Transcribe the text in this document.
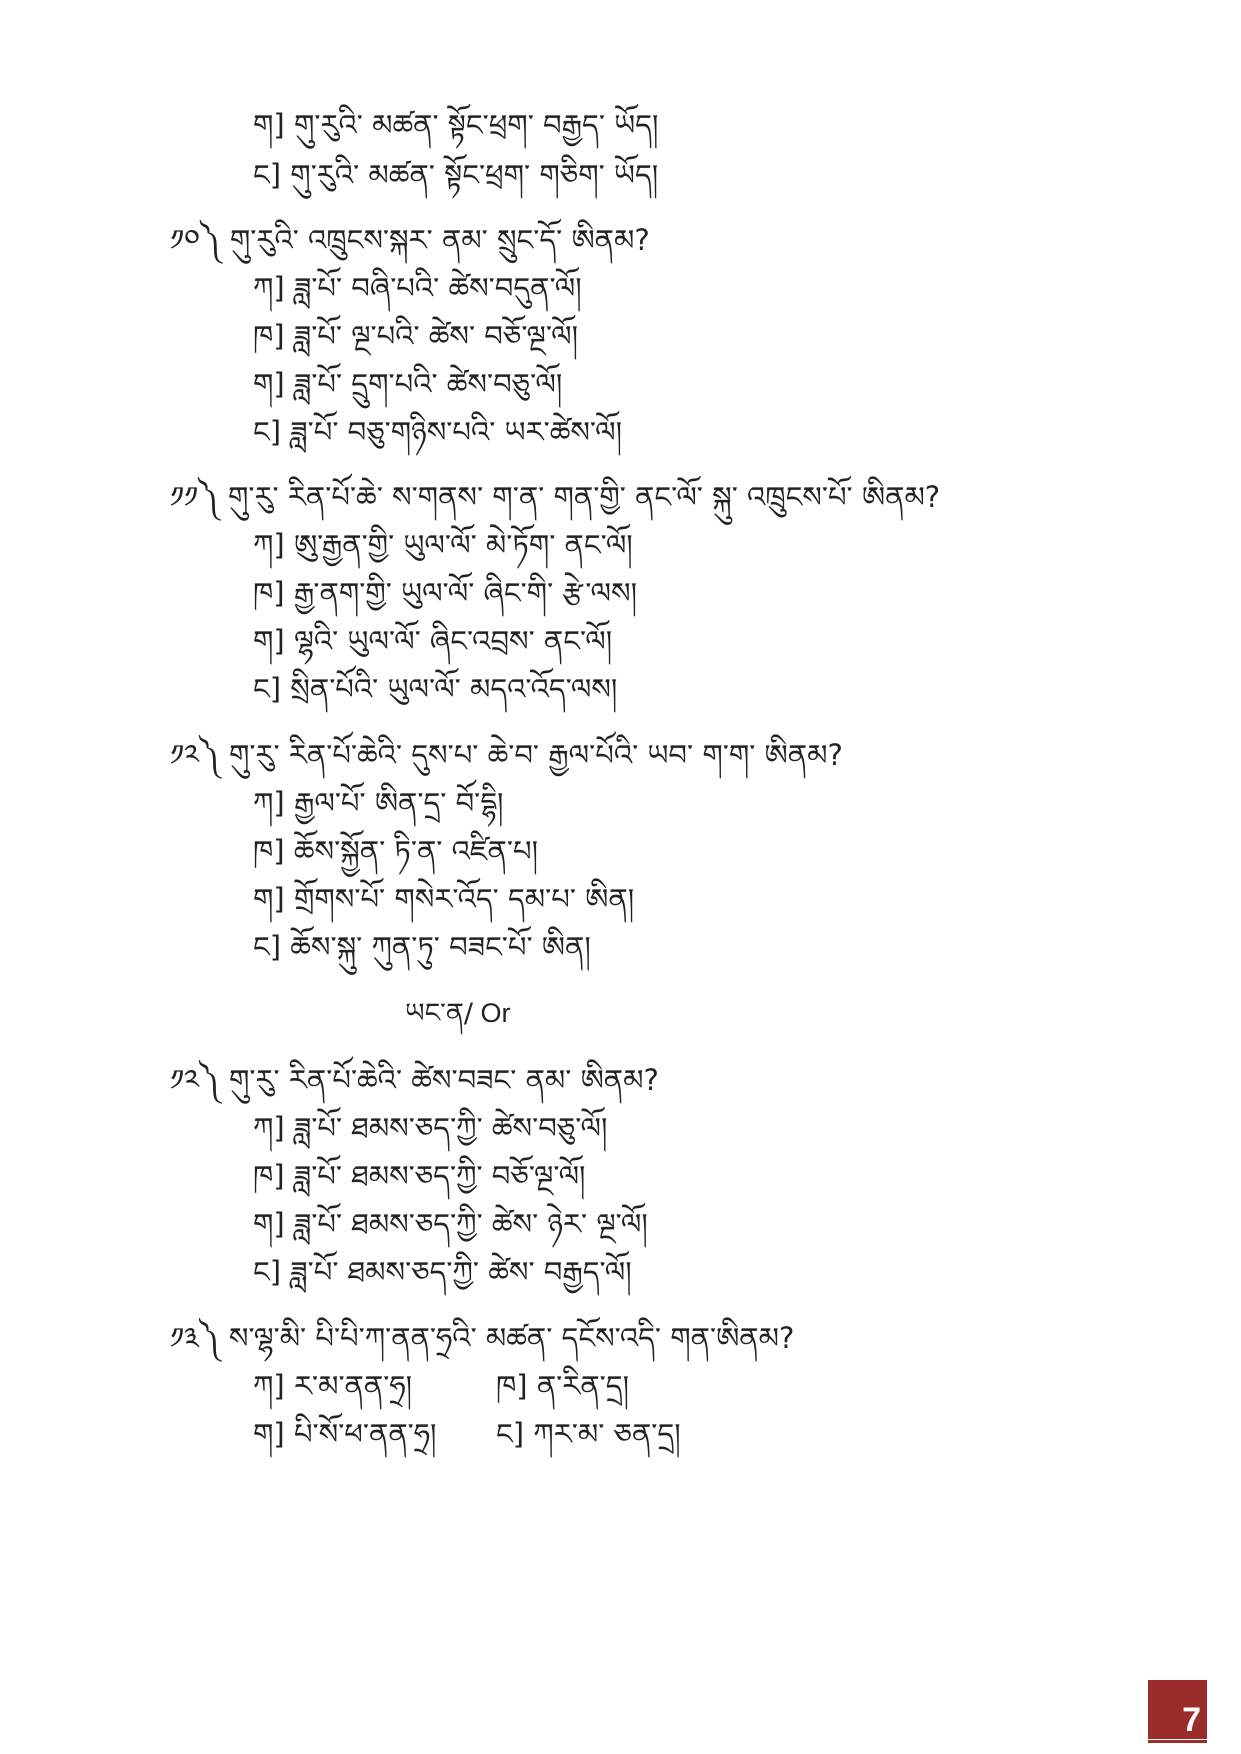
ག] གུ་རུའི་ མཚན་ སྟོང་ཕྲག་ བརྒྱད་ ཡོད།
ང] གུ་རུའི་ མཚན་ སྟོང་ཕྲག་ གཅིག་ ཡོད།
༡༠༽ གུ་རུའི་ འཁྲུངས་སྐར་ ནམ་ སྲུང་དོ་ ཨིནམ?
ཀ] ཟླ་པོ་ བཞི་པའི་ ཚེས་བདུན་ལོ།
ཁ] ཟླ་པོ་ ལྔ་པའི་ ཚེས་ བཅོ་ལྔ་ལོ།
ག] ཟླ་པོ་ དྲུག་པའི་ ཚེས་བཅུ་ལོ།
ང] ཟླ་པོ་ བཅུ་གཉིས་པའི་ ཡར་ཚེས་ལོ།
༡༡༽ གུ་རུ་ རིན་པོ་ཆེ་ ས་གནས་ ག་ན་ གན་གྱི་ ནང་ལོ་ སྐུ་ འཁྲུངས་པོ་ ཨིནམ?
ཀ] ཨུ་རྒྱན་གྱི་ ཡུལ་ལོ་ མེ་ཏོག་ ནང་ལོ།
ཁ] རྒྱ་ནག་གྱི་ ཡུལ་ལོ་ ཞིང་གི་ རྩེ་ལས།
ག] ལྷའི་ ཡུལ་ལོ་ ཞིང་འབྲས་ ནང་ལོ།
ང] སྲིན་པོའི་ ཡུལ་ལོ་ མདའ་འོད་ལས།
༡༢༽ གུ་རུ་ རིན་པོ་ཆེའི་ དུས་པ་ ཆེ་བ་ རྒྱལ་པོའི་ ཡབ་ ག་ག་ ཨིནམ?
ཀ] རྒྱལ་པོ་ ཨིན་དྲ་ བོ་དྷི།
ཁ] ཆོས་སྐྱོན་ ཏི་ན་ འཛིན་པ།
ག] གྲོགས་པོ་ གསེར་འོད་ དམ་པ་ ཨིན།
ང] ཆོས་སྐུ་ ཀུན་ཏུ་ བཟང་པོ་ ཨིན།
ཡང་ན/ Or
༡༢༽ གུ་རུ་ རིན་པོ་ཆེའི་ ཚེས་བཟང་ ནམ་ ཨིནམ?
ཀ] ཟླ་པོ་ ཐམས་ཅད་ཀྱི་ ཚེས་བཅུ་ལོ།
ཁ] ཟླ་པོ་ ཐམས་ཅད་ཀྱི་ བཅོ་ལྔ་ལོ།
ག] ཟླ་པོ་ ཐམས་ཅད་ཀྱི་ ཚེས་ ཉེར་ ལྔ་ལོ།
ང] ཟླ་པོ་ ཐམས་ཅད་ཀྱི་ ཚེས་ བརྒྱད་ལོ།
༡༣༽ ས་ལྷ་མི་ པི་པི་ཀ་ནན་ཧྲའི་ མཚན་ དངོས་འདི་ གན་ཨིནམ?
ཀ] ར་མ་ནན་ཧྲ།	ཁ] ན་རིན་དྲ།
ག] པི་སོ་ཕ་ནན་ཧྲ། ང] ཀར་མ་ ཅན་དྲ།
7
